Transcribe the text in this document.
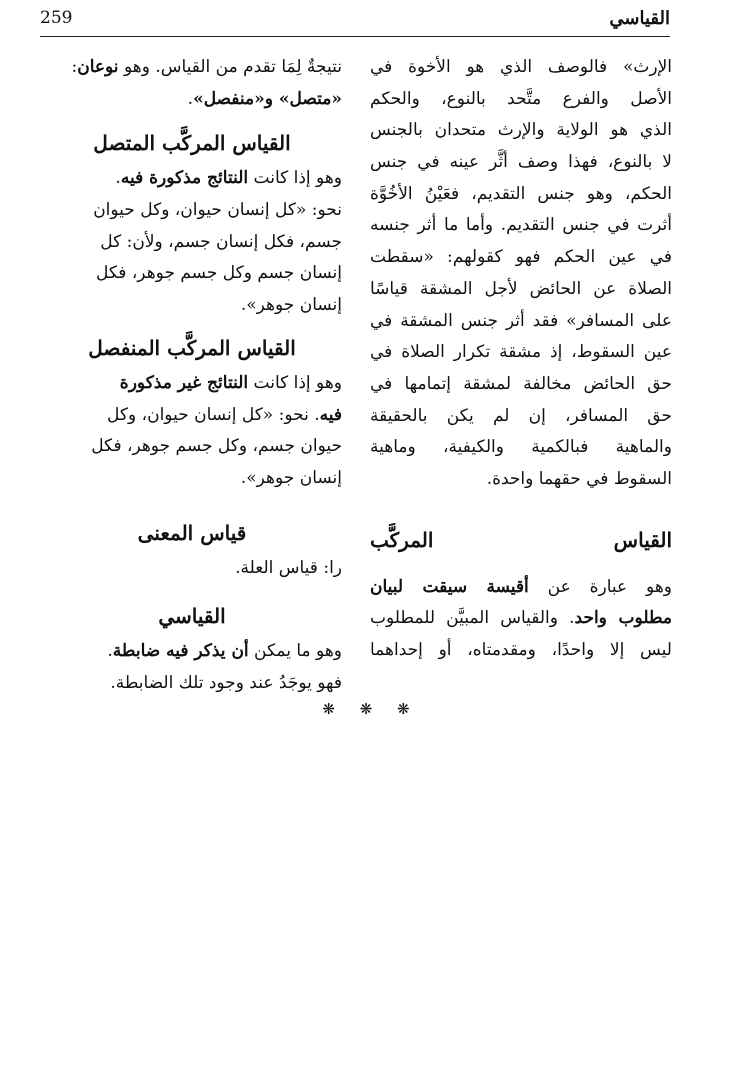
القياسي
259
الإرث» فالوصف الذي هو الأخوة في
الأصل والفرع متَّحد بالنوع، والحكم
الذي هو الولاية والإرث متحدان بالجنس
لا بالنوع، فهذا وصف أثَّر عينه في جنس
الحكم، وهو جنس التقديم، فعَيْنُ الأخُوَّة
أثرت في جنس التقديم. وأما ما أثر جنسه
في عين الحكم فهو كقولهم: «سقطت
الصلاة عن الحائض لأجل المشقة قياسًا
على المسافر» فقد أثر جنس المشقة في
عين السقوط، إذ مشقة تكرار الصلاة في
حق الحائض مخالفة لمشقة إتمامها في
حق المسافر، إن لم يكن بالحقيقة
والماهية فبالكمية والكيفية، وماهية
السقوط في حقهما واحدة.
القياس المركَّب
وهو عبارة عن أقيسة سيقت لبيان
مطلوب واحد. والقياس المبيَّن للمطلوب
ليس إلا واحدًا، ومقدمتاه، أو إحداهما
نتيجةٌ لِمَا تقدم من القياس. وهو نوعان:
«متصل» و«منفصل».
القياس المركَّب المتصل
وهو إذا كانت النتائج مذكورة فيه.
نحو: «كل إنسان حيوان، وكل حيوان
جسم، فكل إنسان جسم، ولأن: كل
إنسان جسم وكل جسم جوهر، فكل
إنسان جوهر».
القياس المركَّب المنفصل
وهو إذا كانت النتائج غير مذكورة
فيه. نحو: «كل إنسان حيوان، وكل
حيوان جسم، وكل جسم جوهر، فكل
إنسان جوهر».
قياس المعنى
را: قياس العلة.
القياسي
وهو ما يمكن أن يذكر فيه ضابطة.
فهو يوجَدُ عند وجود تلك الضابطة.
❋ ❋ ❋
